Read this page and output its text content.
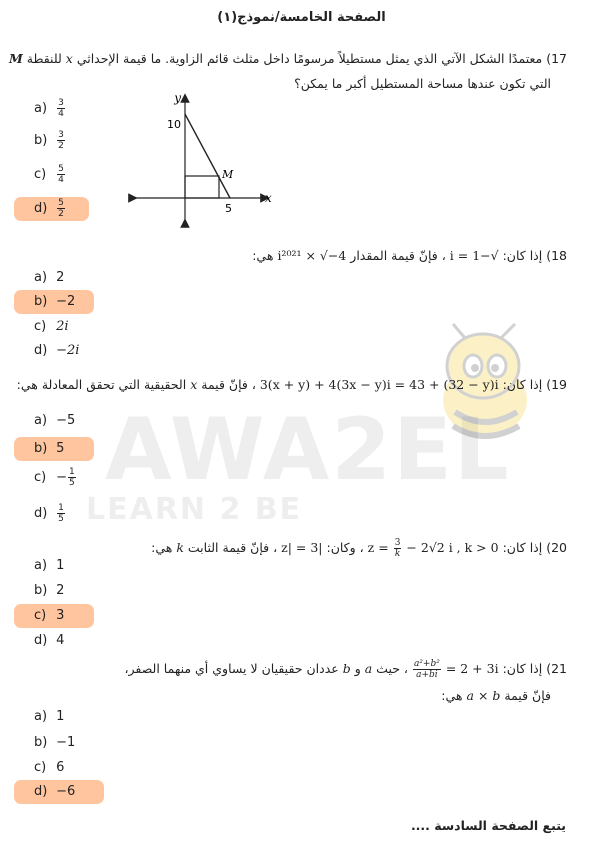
AWA2EL
LEARN 2 BE
الصفحة الخامسة/نموذج(١)
17) معتمدًا الشكل الآتي الذي يمثل مستطيلاً مرسومًا داخل مثلث قائم الزاوية. ما قيمة الإحداثي x للنقطة M
التي تكون عندها مساحة المستطيل أكبر ما يمكن؟
$a) \frac{3}{4}$
$b) \frac{3}{2}$
$c) \frac{5}{4}$
$d) \frac{5}{2}$
y
10
5
x
M
18) إذا كان: √−1 = i ، فإنّ قيمة المقدار i²⁰²¹ × √−4 هي:
a) 2
b) −2
c) 2i
d) −2i
19) إذا كان: 3(x + y) + 4(3x − y)i = 43 + (32 − y)i ، فإنّ قيمة x الحقيقية التي تحقق المعادلة هي:
a) −5
b) 5
$c) - \frac{1}{5}$
$d) \frac{1}{5}$
20) إذا كان: $z = \frac{3}{k} - 2√2$ i , k > 0 ، وكان: |z| = 3 ، فإنّ قيمة الثابت k هي:
a) 1
b) 2
c) 3
d) 4
21) إذا كان:
$\frac{\text{a²+b²}}{a+bi} = 2 + 3i$ ، حيث a و b عددان حقيقيان لا يساوي أي منهما الصفر،
فإنّ قيمة a × b هي:
a) 1
b) −1
c) 6
d) −6
يتبع الصفحة السادسة ....
